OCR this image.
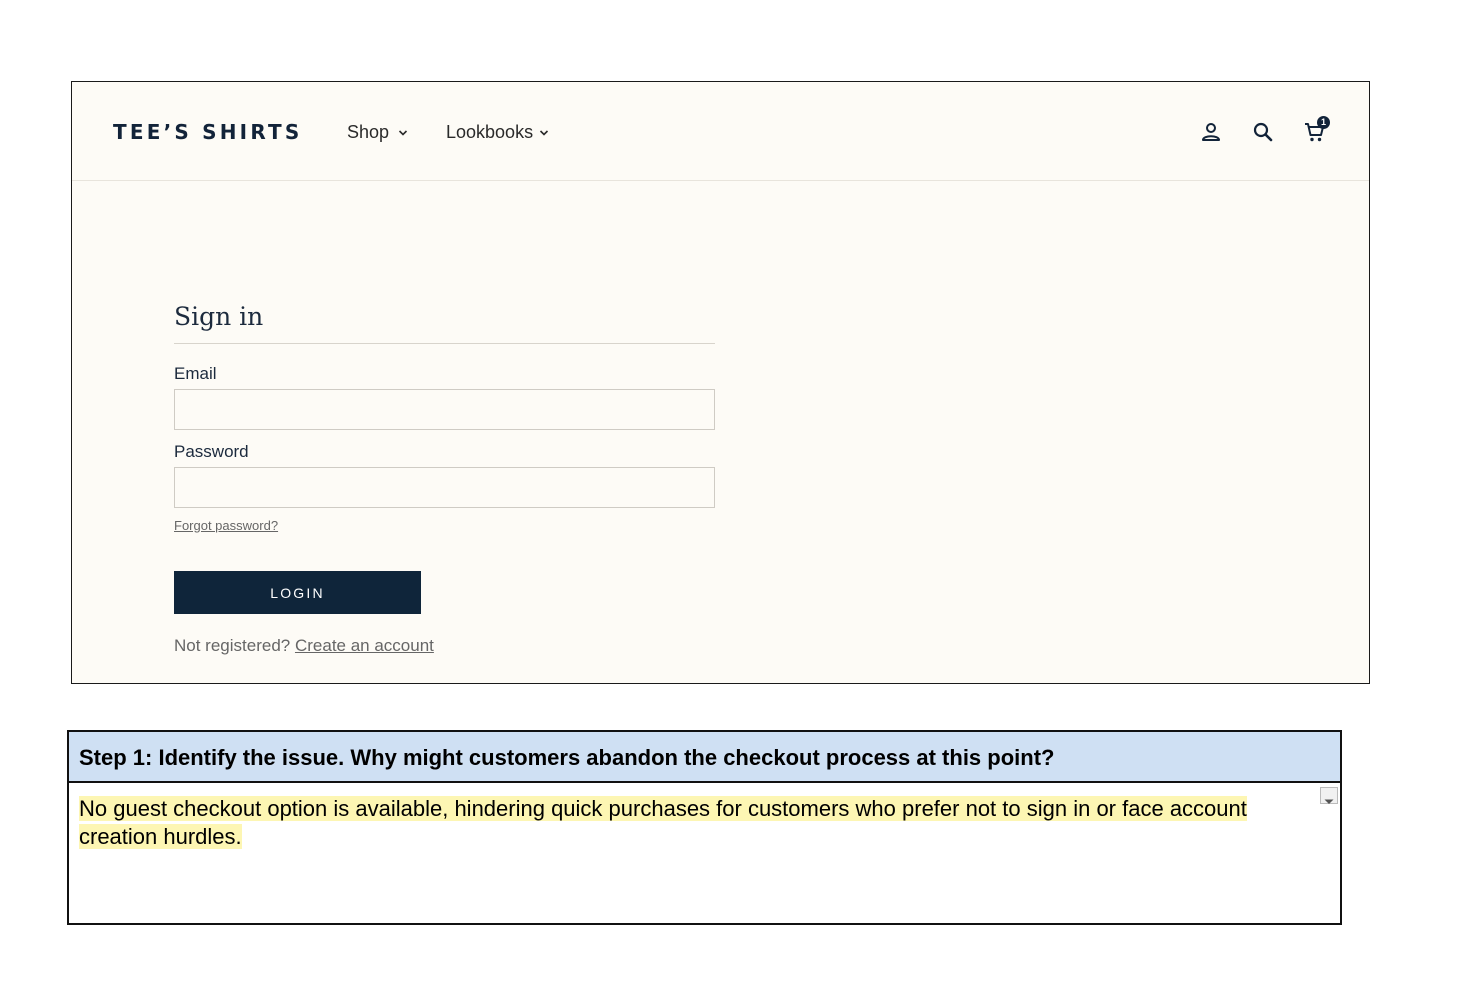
TEE’S SHIRTS Shop	Lookbooks	1
Sign in
Email
Password
Forgot password?
LOGIN
Not registered? Create an account
Step 1: Identify the issue. Why might customers abandon the checkout process at this point?
No guest checkout option is available, hindering quick purchases for customers who prefer not to sign in or face account creation hurdles.
